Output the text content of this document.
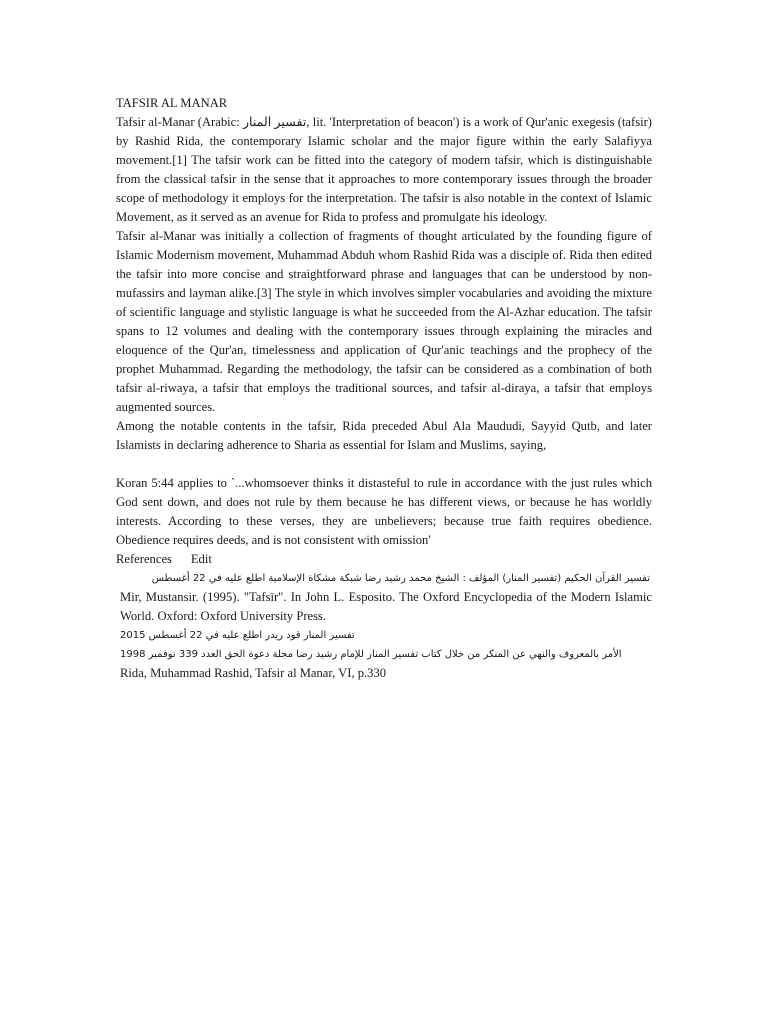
TAFSIR AL MANAR

Tafsir al-Manar (Arabic: تفسير المنار, lit. 'Interpretation of beacon') is a work of Qur'anic exegesis (tafsir) by Rashid Rida, the contemporary Islamic scholar and the major figure within the early Salafiyya movement.[1] The tafsir work can be fitted into the category of modern tafsir, which is distinguishable from the classical tafsir in the sense that it approaches to more contemporary issues through the broader scope of methodology it employs for the interpretation. The tafsir is also notable in the context of Islamic Movement, as it served as an avenue for Rida to profess and promulgate his ideology.

Tafsir al-Manar was initially a collection of fragments of thought articulated by the founding figure of Islamic Modernism movement, Muhammad Abduh whom Rashid Rida was a disciple of. Rida then edited the tafsir into more concise and straightforward phrase and languages that can be understood by non-mufassirs and layman alike.[3] The style in which involves simpler vocabularies and avoiding the mixture of scientific language and stylistic language is what he succeeded from the Al-Azhar education. The tafsir spans to 12 volumes and dealing with the contemporary issues through explaining the miracles and eloquence of the Qur'an, timelessness and application of Qur'anic teachings and the prophecy of the prophet Muhammad. Regarding the methodology, the tafsir can be considered as a combination of both tafsir al-riwaya, a tafsir that employs the traditional sources, and tafsir al-diraya, a tafsir that employs augmented sources.

Among the notable contents in the tafsir, Rida preceded Abul Ala Maududi, Sayyid Qutb, and later Islamists in declaring adherence to Sharia as essential for Islam and Muslims, saying,

Koran 5:44 applies to `...whomsoever thinks it distasteful to rule in accordance with the just rules which God sent down, and does not rule by them because he has different views, or because he has worldly interests. According to these verses, they are unbelievers; because true faith requires obedience. Obedience requires deeds, and is not consistent with omission'

References Edit

تفسير القرآن الحكيم (تفسير المنار) المؤلف : الشيخ محمد رشيد رضا شبكة مشكاة الإسلامية اطلع عليه في 22 أغسطس

Mir, Mustansir. (1995). "Tafsīr". In John L. Esposito. The Oxford Encyclopedia of the Modern Islamic World. Oxford: Oxford University Press.

2015 تفسير المنار قود ريدر اطلع عليه في 22 أغسطس

1998 الأمر بالمعروف والنهي عن المنكر من خلال كتاب تفسير المنار للإمام رشيد رضا مجلة دعوة الحق العدد 339 نوفمبر

Rida, Muhammad Rashid, Tafsir al Manar, VI, p.330
